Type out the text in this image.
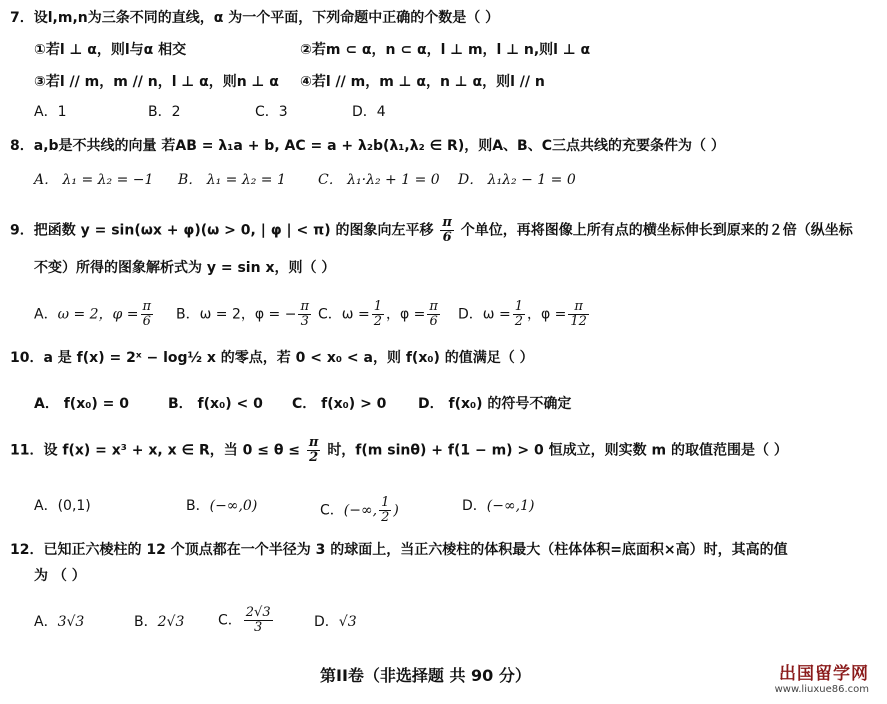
7．设l,m,n为三条不同的直线，α 为一个平面，下列命题中正确的个数是（ ）
①若l ⊥ α，则l与α 相交	②若m ⊂ α，n ⊂ α，l ⊥ m，l ⊥ n,则l ⊥ α
③若l // m，m // n，l ⊥ α，则n ⊥ α ④若l // m，m ⊥ α，n ⊥ α，则l // n
A．1	B．2	C．3	D．4
8．a,b是不共线的向量 若AB = λ₁a + b, AC = a + λ₂b(λ₁,λ₂ ∈ R)，则A、B、C三点共线的充要条件为（ ）
A． λ₁ = λ₂ = −1 B． λ₁ = λ₂ = 1 C． λ₁·λ₂ + 1 = 0 D． λ₁λ₂ − 1 = 0
9．把函数 y = sin(ωx + φ)(ω > 0, | φ | < π) 的图象向左平移 $\frac{\pi}{6}$ 个单位，再将图像上所有点的横坐标伸长到原来的２倍（纵坐标
不变）所得的图象解析式为 y = sin x，则（ ）
A．ω = 2，$\varphi = \frac{\pi}{6}$ B．ω = 2，φ = − $\frac{\pi}{3}$ C．$\omega = \frac{1}{2}$ ，$\varphi = \frac{\pi}{6}$ D．$\omega = \frac{1}{2}$ ，$\varphi = \frac{\pi}{12}$
10．a 是 f(x) = 2ˣ − log½ x 的零点，若 0 < x₀ < a，则 f(x₀) 的值满足（ ）
A． f(x₀) = 0	B． f(x₀) < 0 C． f(x₀) > 0 D． f(x₀) 的符号不确定
11．设 f(x) = x³ + x, x ∈ R，当 $0 \le \theta \le \frac{\pi}{2}$ 时，f(m sinθ) + f(1 − m) > 0 恒成立，则实数 m 的取值范围是（ ）
A．(0,1)	B．(−∞,0)	C．(−∞, $\frac{1}{2}$ )	D．(−∞,1)
12．已知正六棱柱的 12 个顶点都在一个半径为 3 的球面上，当正六棱柱的体积最大（柱体体积=底面积×高）时，其高的值
为 （ ）
A．3√3	B．2√3 C． $\frac{2√3}{3}$	D．√3
第II卷（非选择题 共 90 分）	出国留学网
www.liuxue86.com
